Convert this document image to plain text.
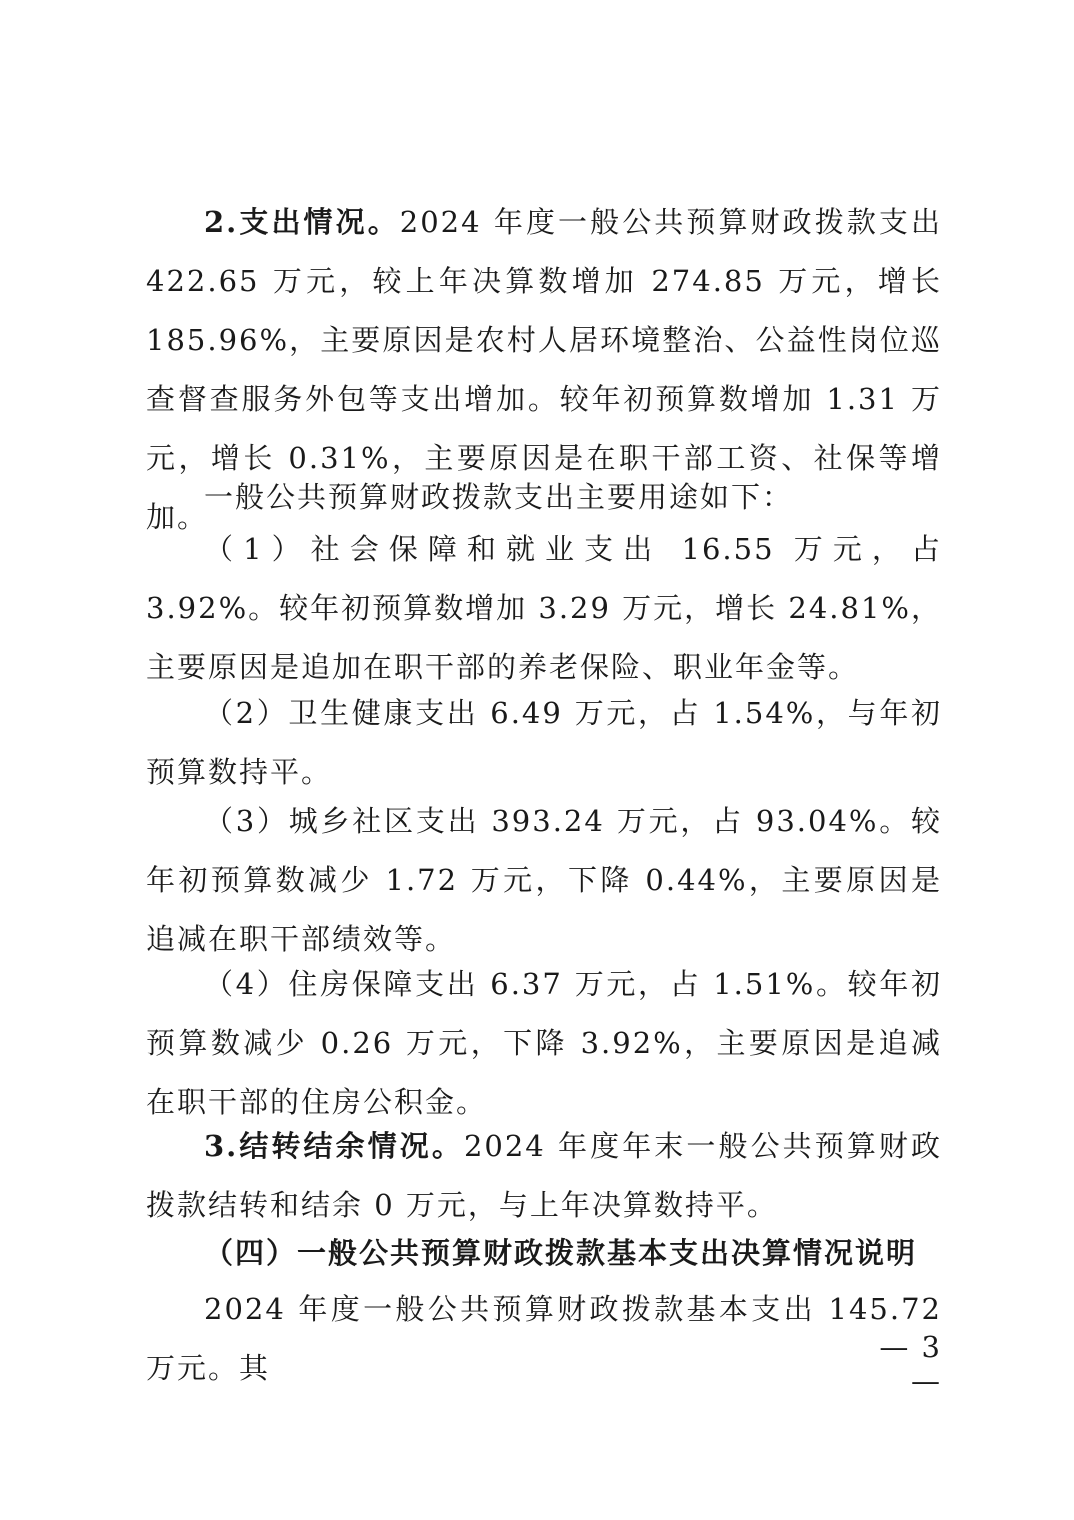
2.支出情况。2024 年度一般公共预算财政拨款支出 422.65 万元，较上年决算数增加 274.85 万元，增长 185.96%，主要原因是农村人居环境整治、公益性岗位巡查督查服务外包等支出增加。较年初预算数增加 1.31 万元，增长 0.31%，主要原因是在职干部工资、社保等增加。

一般公共预算财政拨款支出主要用途如下：

（1）社会保障和就业支出 16.55 万元，占 3.92%。较年初预算数增加 3.29 万元，增长 24.81%，主要原因是追加在职干部的养老保险、职业年金等。

（2）卫生健康支出 6.49 万元，占 1.54%，与年初预算数持平。

（3）城乡社区支出 393.24 万元，占 93.04%。较年初预算数减少 1.72 万元，下降 0.44%，主要原因是追减在职干部绩效等。

（4）住房保障支出 6.37 万元，占 1.51%。较年初预算数减少 0.26 万元，下降 3.92%，主要原因是追减在职干部的住房公积金。

3.结转结余情况。2024 年度年末一般公共预算财政拨款结转和结余 0 万元，与上年决算数持平。

（四）一般公共预算财政拨款基本支出决算情况说明

2024 年度一般公共预算财政拨款基本支出 145.72 万元。其

— 3 —
